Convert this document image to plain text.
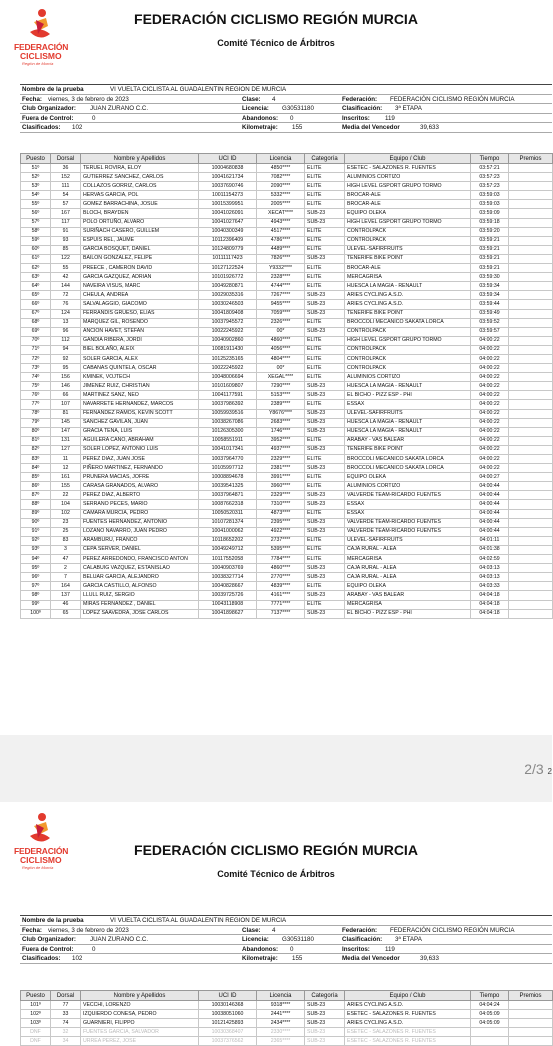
FEDERACIÓN
CICLISMO
Región de Murcia
FEDERACIÓN CICLISMO REGIÓN MURCIA
Comité Técnico de Árbitros
Nombre de la prueba	VI VUELTA CICLISTA AL GUADALENTIN REGION DE MURCIA
Fecha: viernes, 3 de febrero de 2023	Clase: 4	Federación: FEDERACIÓN CICLISMO REGIÓN MURCIA
Club Organizador: JUAN ZURANO C.C.	Licencia: G30531180	Clasificación: 3ª ETAPA
Fuera de Control:	0	Abandonos: 0	Inscritos: 119
Clasificados: 102	Kilometraje: 155	Media del Vencedor	39,633
Puesto	Dorsal	Nombre y Apellidos	UCI ID	Licencia	Categoría	Equipo / Club	Tiempo	Premios
51º	36	TERUEL ROVIRA, ELOY	10004680838	4850****	ELITE	ESETEC - SALAZONES R. FUENTES	03:57:21	
52º	152	GUTIERREZ SANCHEZ, CARLOS	10041621734	7082****	ELITE	ALUMINIOS CORTIZO	03:57:23	
53º	111	COLLAZOS GORRIZ, CARLOS	10037690746	2090****	ELITE	HIGH LEVEL GSPORT GRUPO TORMO	03:57:23	
54º	54	HERVAS GARCIA, POL	10011154273	5332****	ELITE	BROCAR-ALE	03:59:03	
55º	57	GOMEZ BARRACHINA, JOSUE	10015399951	2005****	ELITE	BROCAR-ALE	03:59:03	
56º	167	BLOCH, BRAYDEN	10041026091	XECAT****	SUB-23	EQUIPO OLEKA	03:59:09	
57º	117	POLO ORTUÑO, ALVARO	10041027647	4943****	SUB-23	HIGH LEVEL GSPORT GRUPO TORMO	03:59:18	
58º	91	SURIÑACH CASERO, GUILLEM	10040300349	4517****	ELITE	CONTROLPACK	03:59:20	
59º	93	ESPUIS REL, JAUME	10112396409	4786****	ELITE	CONTROLPACK	03:59:21	
60º	85	GARCIA BOSQUET, DANIEL	10124809779	4489****	ELITE	ULEVEL-SAFIRFRUITS	03:59:21	
61º	122	BAILON GONZALEZ, FELIPE	10111117423	7826****	SUB-23	TENERIFE BIKE POINT	03:59:21	
62º	55	PREECE , CAMERON DAVID	10127122524	Y9332****	ELITE	BROCAR-ALE	03:59:21	
63º	42	GARCIA GAZQUEZ, ADRIAN	10101926772	2328****	ELITE	MERCAGRISA	03:59:30	
64º	144	NAVEIRA VISUS, MARC	10049280871	4744****	ELITE	HUESCA LA MAGIA - RENAULT	03:59:34	
65º	72	CHEULA, ANDREA	10029035316	7267****	SUB-23	ARIES CYCLING A.S.D.	03:59:34	
66º	76	SALVALAGGIO, GIACOMO	10030246503	9455****	SUB-23	ARIES CYCLING A.S.D.	03:59:44	
67º	124	FERRANDIS GRUESO, ELIAS	10041809408	7059****	SUB-23	TENERIFE BIKE POINT	03:59:49	
68º	13	MARQUEZ GIL, ROSENDO	10037945572	2326****	ELITE	BROCCOLI MECANICO SAKATA LORCA	03:59:52	
69º	96	ANCION HAVET, STEFAN	10022245922	00*	SUB-23	CONTROLPACK	03:59:57	
70º	112	GANDIA RIBERA, JORDI	10040902860	4860****	ELITE	HIGH LEVEL GSPORT GRUPO TORMO	04:00:22	
71º	94	BIEL BOLAÑO, ALEIX	10081911430	4056****	ELITE	CONTROLPACK	04:00:22	
72º	92	SOLER GARCIA, ALEX	10125235165	4804****	ELITE	CONTROLPACK	04:00:22	
73º	95	CABANAS QUINTELA, OSCAR	10022245922	00*	ELITE	CONTROLPACK	04:00:22	
74º	156	KMINEK, VOJTECH	10048006694	XEGAL****	ELITE	ALUMINIOS CORTIZO	04:00:22	
75º	146	JIMENEZ RUIZ, CHRISTIAN	10101609807	7290****	SUB-23	HUESCA LA MAGIA - RENAULT	04:00:22	
76º	66	MARTINEZ SANZ, NEO	10041177591	5153****	SUB-23	EL BICHO - PIZZ ESP - PHI	04:00:22	
77º	107	NAVARRETE HERNANDEZ, MARCOS	10037986392	2389****	ELITE	ESSAX	04:00:22	
78º	81	FERNANDEZ RAMOS, KEVIN SCOTT	10059939516	Y8676****	SUB-23	ULEVEL-SAFIRFRUITS	04:00:22	
79º	145	SANCHEZ GAVILAN, JUAN	10038267086	2683****	SUB-23	HUESCA LA MAGIA - RENAULT	04:00:22	
80º	147	GRACIA TENA, LUIS	10126305300	1746****	SUB-23	HUESCA LA MAGIA - RENAULT	04:00:22	
81º	131	AGUILERA CANO, ABRAHAM	10058551911	3952****	ELITE	ARABAY - VAS BALEAR	04:00:22	
82º	127	SOLER LOPEZ, ANTONIO LUIS	10041017341	4937****	SUB-23	TENERIFE BIKE POINT	04:00:22	
83º	11	PEREZ DIAZ, JUAN JOSE	10037964770	2329****	ELITE	BROCCOLI MECANICO SAKATA LORCA	04:00:22	
84º	12	PIÑERO MARTINEZ, FERNANDO	10105997712	2381****	SUB-23	BROCCOLI MECANICO SAKATA LORCA	04:00:22	
85º	161	PRUNERA MACIAS, JOFRE	10008894678	3991****	ELITE	EQUIPO OLEKA	04:00:27	
86º	155	CARASA GRANADOS, ALVARO	10039541325	3960****	ELITE	ALUMINIOS CORTIZO	04:00:44	
87º	22	PEREZ DIAZ, ALBERTO	10037964871	2329****	SUB-23	VALVERDE TEAM-RICARDO FUENTES	04:00:44	
88º	104	SERRANO PECES, MARIO	10087662318	7310****	SUB-23	ESSAX	04:00:44	
89º	102	CAMARA MURCIA, PEDRO	10050520311	4873****	ELITE	ESSAX	04:00:44	
90º	23	FUENTES HERNANDEZ, ANTONIO	10107281374	2395****	SUB-23	VALVERDE TEAM-RICARDO FUENTES	04:00:44	
91º	25	LOZANO NAVARRO, JUAN PEDRO	10041000062	4922****	SUB-23	VALVERDE TEAM-RICARDO FUENTES	04:00:44	
92º	83	ARAMBURU, FRANCO	10118652202	2737****	ELITE	ULEVEL-SAFIRFRUITS	04:01:11	
93º	3	CEPA SERVER, DANIEL	10049249712	5395****	ELITE	CAJA RURAL - ALEA	04:01:38	
94º	47	PEREZ ARREDONDO, FRANCISCO ANTON	10117552058	7784****	ELITE	MERCAGRISA	04:02:59	
95º	2	CALABUIG VAZQUEZ, ESTANISLAO	10040903769	4860****	SUB-23	CAJA RURAL - ALEA	04:03:13	
96º	7	BELUAR GARCIA, ALEJANDRO	10038327714	2770****	SUB-23	CAJA RURAL - ALEA	04:03:13	
97º	164	GARCIA CASTILLO, ALFONSO	10040828667	4839****	ELITE	EQUIPO OLEKA	04:03:33	
98º	137	LLULL RUIZ, SERGIO	10039725726	4161****	SUB-23	ARABAY - VAS BALEAR	04:04:18	
99º	46	MIRAS FERNANDEZ , DANIEL	10043118908	7771****	ELITE	MERCAGRISA	04:04:18	
100º	65	LOPEZ SAAVEDRA, JOSE CARLOS	10041898627	7137****	SUB-23	EL BICHO - PIZZ ESP - PHI	04:04:18	
2/3 2
FEDERACIÓN
CICLISMO
Región de Murcia
FEDERACIÓN CICLISMO REGIÓN MURCIA
Comité Técnico de Árbitros
Nombre de la prueba	VI VUELTA CICLISTA AL GUADALENTIN REGION DE MURCIA
Fecha: viernes, 3 de febrero de 2023	Clase: 4	Federación: FEDERACIÓN CICLISMO REGIÓN MURCIA
Club Organizador: JUAN ZURANO C.C.	Licencia: G30531180	Clasificación: 3ª ETAPA
Fuera de Control:	0	Abandonos: 0	Inscritos: 119
Clasificados: 102	Kilometraje: 155	Media del Vencedor	39,633
Puesto	Dorsal	Nombre y Apellidos	UCI ID	Licencia	Categoría	Equipo / Club	Tiempo	Premios
101º	77	VECCHI, LORENZO	10030146368	9318****	SUB-23	ARIES CYCLING A.S.D.	04:04:24	
102º	33	IZQUIERDO CONESA, PEDRO	10038051060	2441****	SUB-23	ESETEC - SALAZONES R. FUENTES	04:05:09	
103º	74	GUARNIERI, FILIPPO	10121425893	2434****	SUB-23	ARIES CYCLING A.S.D.	04:05:09	
DNF	32	FUENTES GARCIA, SALVADOR	10030368407	2330****	SUB-23	ESETEC - SALAZONES R. FUENTES		
DNF	34	URREA PEREZ, JOSE	10037376562	2365****	SUB-23	ESETEC - SALAZONES R. FUENTES		
